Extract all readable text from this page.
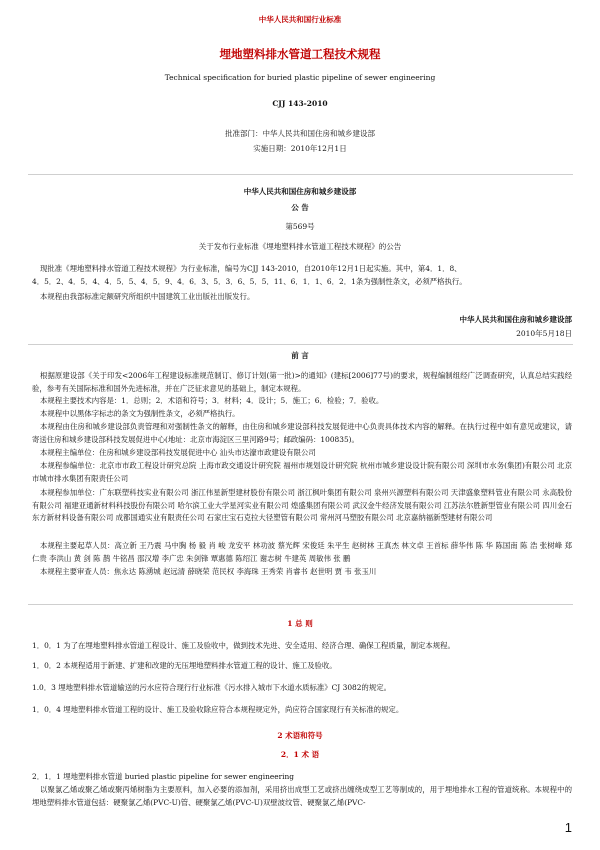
中华人民共和国行业标准
埋地塑料排水管道工程技术规程
Technical specification for buried plastic pipeline of sewer engineering
CJJ 143-2010
批准部门：中华人民共和国住房和城乡建设部
实施日期：2010年12月1日
中华人民共和国住房和城乡建设部
公 告
第569号
关于发布行业标准《埋地塑料排水管道工程技术规程》的公告
现批准《埋地塑料排水管道工程技术规程》为行业标准，编号为CJJ 143-2010，自2010年12月1日起实施。其中，第4．1．8、
4．5．2、4．5．4、4．5．5、4．5．9、4．6．3、5．3．6、5．5．11、6．1．1、6．2．1条为强制性条文，必须严格执行。
本规程由我部标准定额研究所组织中国建筑工业出版社出版发行。
中华人民共和国住房和城乡建设部
2010年5月18日
前 言
根据原建设部《关于印发<2006年工程建设标准规范制订、修订计划(第一批)>的通知》(建标[2006]77号)的要求，规程编制组经广泛调查研究，认真总结实践经验，参考有关国际标准和国外先进标准，并在广泛征求意见的基础上，制定本规程。
本规程主要技术内容是：1．总则；2．术语和符号；3．材料；4．设计；5．施工；6．检验；7．验收。
本规程中以黑体字标志的条文为强制性条文，必须严格执行。
本规程由住房和城乡建设部负责管理和对强制性条文的解释，由住房和城乡建设部科技发展促进中心负责具体技术内容的解释。在执行过程中如有意见或建议，请寄送住房和城乡建设部科技发展促进中心(地址：北京市海淀区三里河路9号；邮政编码：100835)。
本规程主编单位：住房和城乡建设部科技发展促进中心 汕头市达濠市政建设有限公司
本规程参编单位：北京市市政工程设计研究总院 上海市政交通设计研究院 福州市规划设计研究院 杭州市城乡建设设计院有限公司 深圳市水务(集团)有限公司 北京市城市排水集团有限责任公司
本规程参加单位：广东联塑科技实业有限公司 浙江伟星新型建材股份有限公司 浙江枫叶集团有限公司 泉州兴源塑料有限公司 天津盛象塑料管业有限公司 永高股份有限公司 福建亚通新材料科技股份有限公司 哈尔滨工业大学星河实业有限公司 煌盛集团有限公司 武汉金牛经济发展有限公司 江苏法尔胜新型管业有限公司 四川金石东方新材料设备有限公司 成都国通实业有限责任公司 石家庄宝石克拉大径塑管有限公司 常州河马塑胶有限公司 北京嘉纳福新型建材有限公司
本规程主要起草人员：高立新 王乃震 马中胸 杨 毅 肖 峻 龙安平 林功波 蔡光辉 宋俊廷 朱平生 赵树林 王真杰 林文卓 王首标 薛华伟 陈 华 陈国南 陈 浩 张树峰 郑仁贵 李洪山 黄 剑 陈 鹊 牛铭昌 邵汉增 李广忠 朱剑锋 覃惠德 陈绍江 谢志树 牛建英 周敏伟 张 鹏
本规程主要审查人员：焦永达 陈湧城 赵远清 薛晓荣 范民权 李海珠 王秀荣 肖睿书 赵世明 贾 韦 张玉川
1 总 则
1．0．1 为了在埋地塑料排水管道工程设计、施工及验收中，做到技术先进、安全适用、经济合理、确保工程质量，制定本规程。
1．0．2 本规程适用于新建、扩建和改建的无压埋地塑料排水管道工程的设计、施工及验收。
1.0．3 埋地塑料排水管道输送的污水应符合现行行业标准《污水排入城市下水道水质标准》CJ 3082的规定。
1．0．4 埋地塑料排水管道工程的设计、施工及验收除应符合本规程规定外，尚应符合国家现行有关标准的规定。
2 术语和符号
2．1 术 语
2．1．1 埋地塑料排水管道 buried plastic pipeline for sewer engineering
以聚氯乙烯或聚乙烯或聚丙烯树脂为主要原料，加入必要的添加剂，采用挤出成型工艺或挤出缠绕成型工艺等制成的，用于埋地排水工程的管道统称。本规程中的埋地塑料排水管道包括：硬聚氯乙烯(PVC-U)管、硬聚氯乙烯(PVC-U)双壁波纹管、硬聚氯乙烯(PVC-
1
